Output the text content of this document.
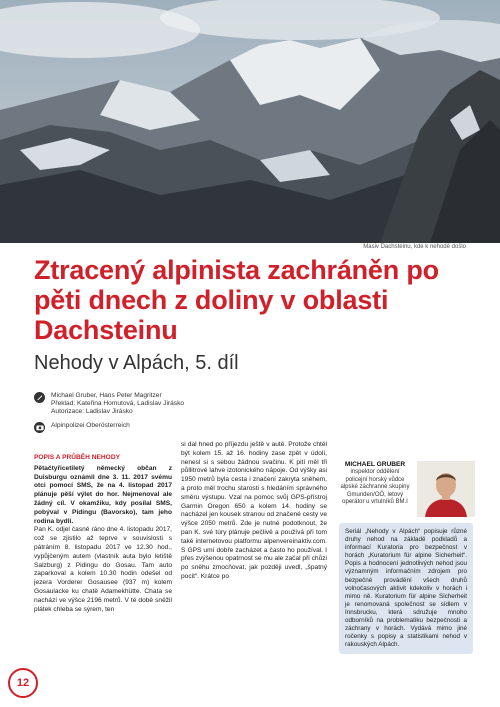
Masiv Dachsteinu, kde k nehodě došlo
Ztracený alpinista zachráněn po pěti dnech z doliny v oblasti Dachsteinu
Nehody v Alpách, 5. díl
Michael Gruber, Hans Peter Magritzer
Překlad: Kateřina Homutová, Ladislav Jirásko
Autorizace: Ladislav Jirásko
Alpinpolizei Oberösterreich
POPIS A PRŮBĚH NEHODY

Pětačtyřicetiletý německý občan z Duisburgu oznámil dne 3. 11. 2017 svému otci pomocí SMS, že na 4. listopad 2017 plánuje pěší výlet do hor. Nejmenoval ale žádný cíl. V okamžiku, kdy posílal SMS, pobýval v Pidingu (Bavorsko), tam jeho rodina bydlí.

Pan K. odjel časně ráno dne 4. listopadu 2017, což se zjistilo až teprve v souvislosti s pátráním 8. listopadu 2017 ve 12.30 hod., vypůjčeným autem (vlastník auta bylo letiště Salzburg) z Pidingu do Gosau. Tam auto zaparkoval a kolem 10.30 hodin odešel od jezera Vorderer Gosausee (937 m) kolem Gosaulacke ku chatě Adamekhütte. Chata se nachází ve výšce 2196 metrů. V té době sněžil plátek chleba se sýrem, ten

si dal hned po příjezdu ještě v autě. Protože chtěl být kolem 15. až 16. hodiny zase zpět v údolí, nenesl si s sebou žádnou svačinu. K pití měl tři půllitrové lahve izotonického nápoje. Od výšky asi 1950 metrů byla cesta i značení zakryta sněhem, a proto měl trochu starosti s hledáním správného směru výstupu. Vzal na pomoc svůj GPS-přístroj Garmin Oregon 650 a kolem 14. hodiny se nacházel jen kousek stranou od značené cesty ve výšce 2050 metrů. Zde je nutné podotknout, že pan K. své túry plánuje pečlivě a používá při tom také internetovou platformu alpenvereinaktiv.com. S GPS umí dobře zacházet a často ho používal. I přes zvýšenou opatrnost se mu ale začal při chůzi po sněhu zmocňovat, jak později uvedl, „špatný pocit“. Krátce po

MICHAEL GRUBER
inspektor oddělení policejní horský vůdce alpské záchranné skupiny Gmunden/OÖ, letový operátor u vrtulníků BM.I
Seriál „Nehody v Alpách“ popisuje různé druhy nehod na základě podkladů a informací Kuratoria pro bezpečnost v horách „Kuratorium für alpine Sicherheit“. Popis a hodnocení jednotlivých nehod jsou významným informačním zdrojem pro bezpečné provádění všech druhů volnočasových aktivit kdekoliv v horách i mimo ně. Kuratorium für alpine Sicherheit je renomovaná společnost se sídlem v Innsbrucku, která sdružuje mnoho odborníků na problematiku bezpečnosti a záchrany v horách. Vydává mimo jiné ročenky s popisy a statistikami nehod v rakouských Alpách.
12
